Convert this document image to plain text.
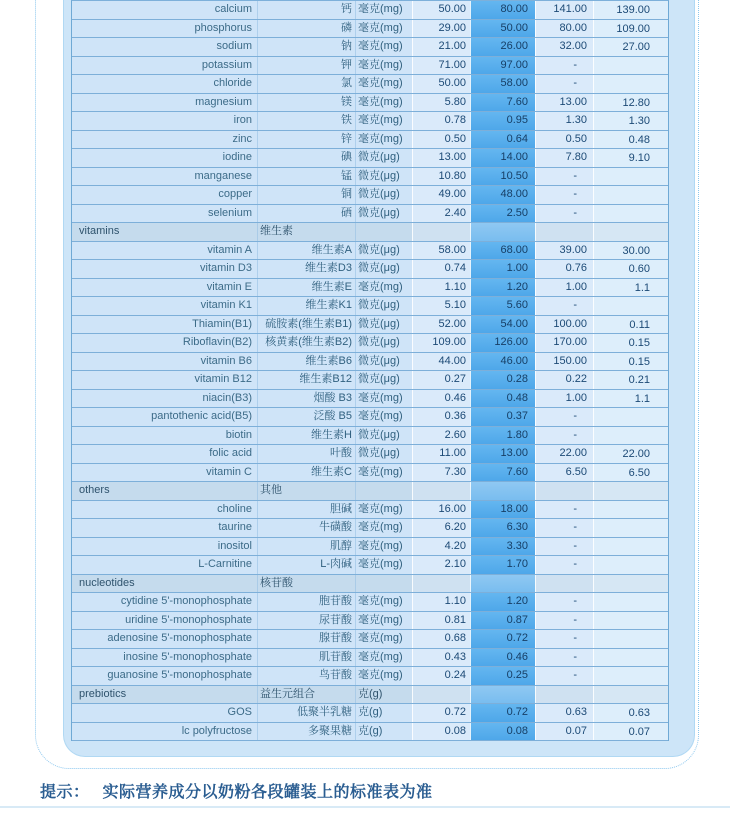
calcium	钙 毫克(mg)	50.00	80.00	141.00	139.00
phosphorus	磷 毫克(mg)	29.00	50.00	80.00	109.00
sodium	钠 毫克(mg)	21.00	26.00	32.00	27.00
potassium	钾 毫克(mg)	71.00	97.00	-
chloride	氯 毫克(mg)	50.00	58.00	-
magnesium	镁 毫克(mg)	5.80	7.60	13.00	12.80
iron	铁 毫克(mg)	0.78	0.95	1.30	1.30
zinc	锌 毫克(mg)	0.50	0.64	0.50	0.48
iodine	碘 微克(μg)	13.00	14.00	7.80	9.10
manganese	锰 微克(μg)	10.80	10.50	-
copper	铜 微克(μg)	49.00	48.00	-
selenium	硒 微克(μg)	2.40	2.50	-
vitamins	维生素
vitamin A	维生素A 微克(μg)	58.00	68.00	39.00	30.00
vitamin D3	维生素D3 微克(μg)	0.74	1.00	0.76	0.60
vitamin E	维生素E 毫克(mg)	1.10	1.20	1.00	1.1
vitamin K1	维生素K1 微克(μg)	5.10	5.60	-
Thiamin(B1)	硫胺素(维生素B1) 微克(μg)	52.00	54.00	100.00	0.11
Riboflavin(B2)	核黄素(维生素B2) 微克(μg)	109.00	126.00	170.00	0.15
vitamin B6	维生素B6 微克(μg)	44.00	46.00	150.00	0.15
vitamin B12	维生素B12 微克(μg)	0.27	0.28	0.22	0.21
niacin(B3)	烟酸 B3 毫克(mg)	0.46	0.48	1.00	1.1
pantothenic acid(B5)	泛酸 B5 毫克(mg)	0.36	0.37	-
biotin	维生素H 微克(μg)	2.60	1.80	-
folic acid	叶酸 微克(μg)	11.00	13.00	22.00	22.00
vitamin C	维生素C 毫克(mg)	7.30	7.60	6.50	6.50
others	其他
choline	胆碱 毫克(mg)	16.00	18.00	-
taurine	牛磺酸 毫克(mg)	6.20	6.30	-
inositol	肌醇 毫克(mg)	4.20	3.30	-
L-Carnitine	L-肉碱 毫克(mg)	2.10	1.70	-
nucleotides	核苷酸
cytidine 5'-monophosphate	胞苷酸 毫克(mg)	1.10	1.20	-
uridine 5'-monophosphate	尿苷酸 毫克(mg)	0.81	0.87	-
adenosine 5'-monophosphate	腺苷酸 毫克(mg)	0.68	0.72	-
inosine 5'-monophosphate	肌苷酸 毫克(mg)	0.43	0.46	-
guanosine 5'-monophosphate	鸟苷酸 毫克(mg)	0.24	0.25	-
prebiotics	益生元组合	克(g)
GOS	低聚半乳糖 克(g)	0.72	0.72	0.63	0.63
lc polyfructose	多聚果糖 克(g)	0.08	0.08	0.07	0.07
提示： 实际营养成分以奶粉各段罐装上的标准表为准
